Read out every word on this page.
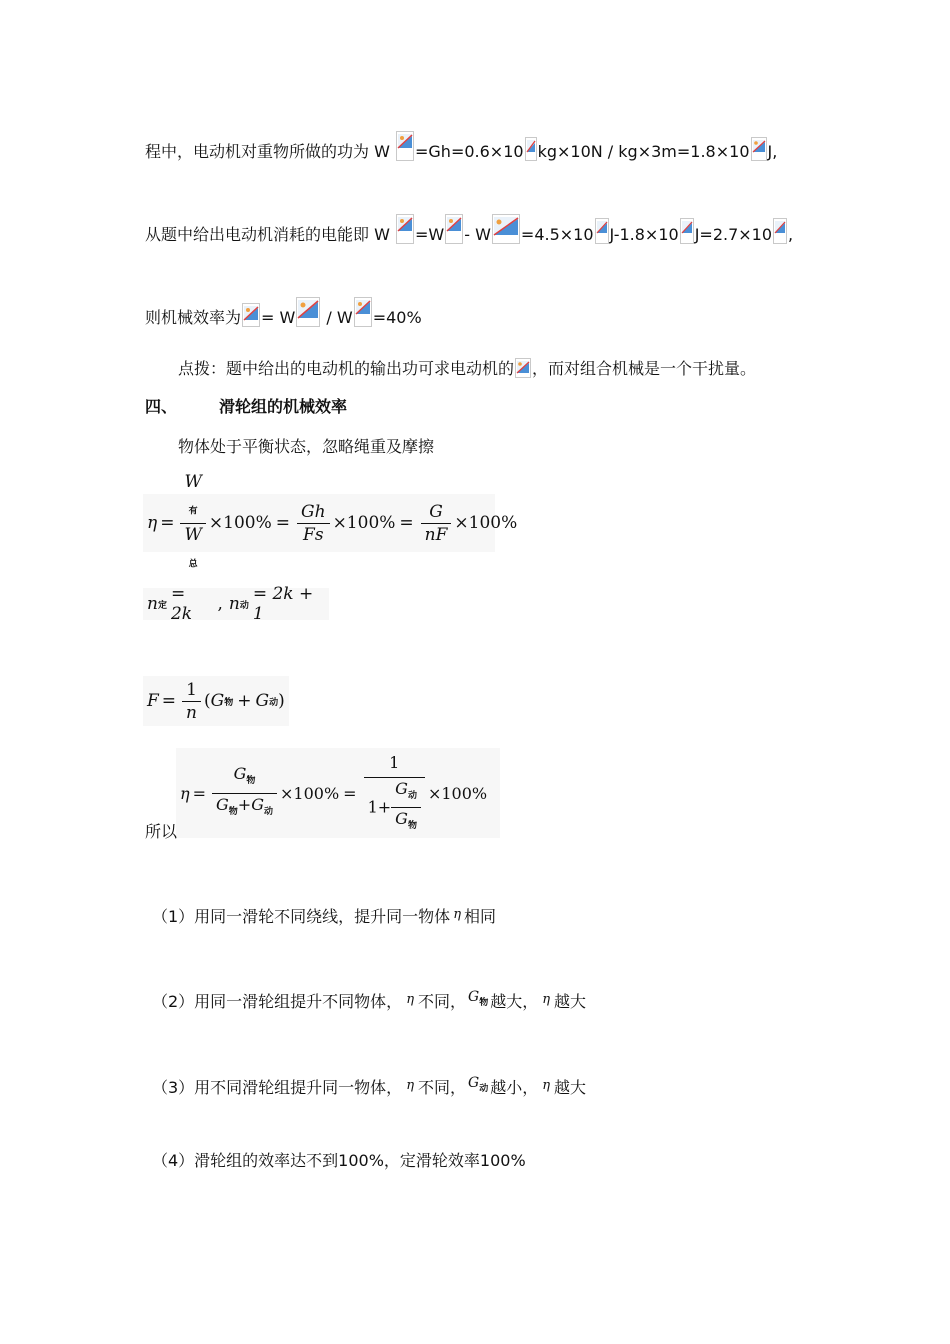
程中，电动机对重物所做的功为 W
=Gh=0.6×10 kg×10N / kg×3m=1.8×10 J,
从题中给出电动机消耗的电能即 W
=W - W =4.5×10 J-1.8×10 J=2.7×10 ,
则机械效率为 = W
/ W =40%
点拨：题中给出的电动机的输出功可求电动机的 ，而对组合机械是一个干扰量。
四、	滑轮组的机械效率
物体处于平衡状态，忽略绳重及摩擦
$\eta = \frac{W_有}{W_总} \times 100\% = \frac{Gh}{Fs} \times 100\% = \frac{G}{nF} \times 100\%$
n 定
= 2k	, n 动
= 2k + 1
$F = \frac{1}{n}$ ( G 物 + G 动 )
$\eta = \frac{G_物}{G_物+G_动} \times 100\% = \frac{1}{1+ \frac{G_动}{G_物}} \times 100\%$
所以
（1）用同一滑轮不同绕线，提升同一物体 $^\eta$ 相同
（2）用同一滑轮组提升不同物体， $^\eta$ 不同， $G_物$ 越大， $^\eta$ 越大
（3）用不同滑轮组提升同一物体， $^\eta$ 不同， $G_动$ 越小， $^\eta$ 越大
（4）滑轮组的效率达不到100%，定滑轮效率100%
